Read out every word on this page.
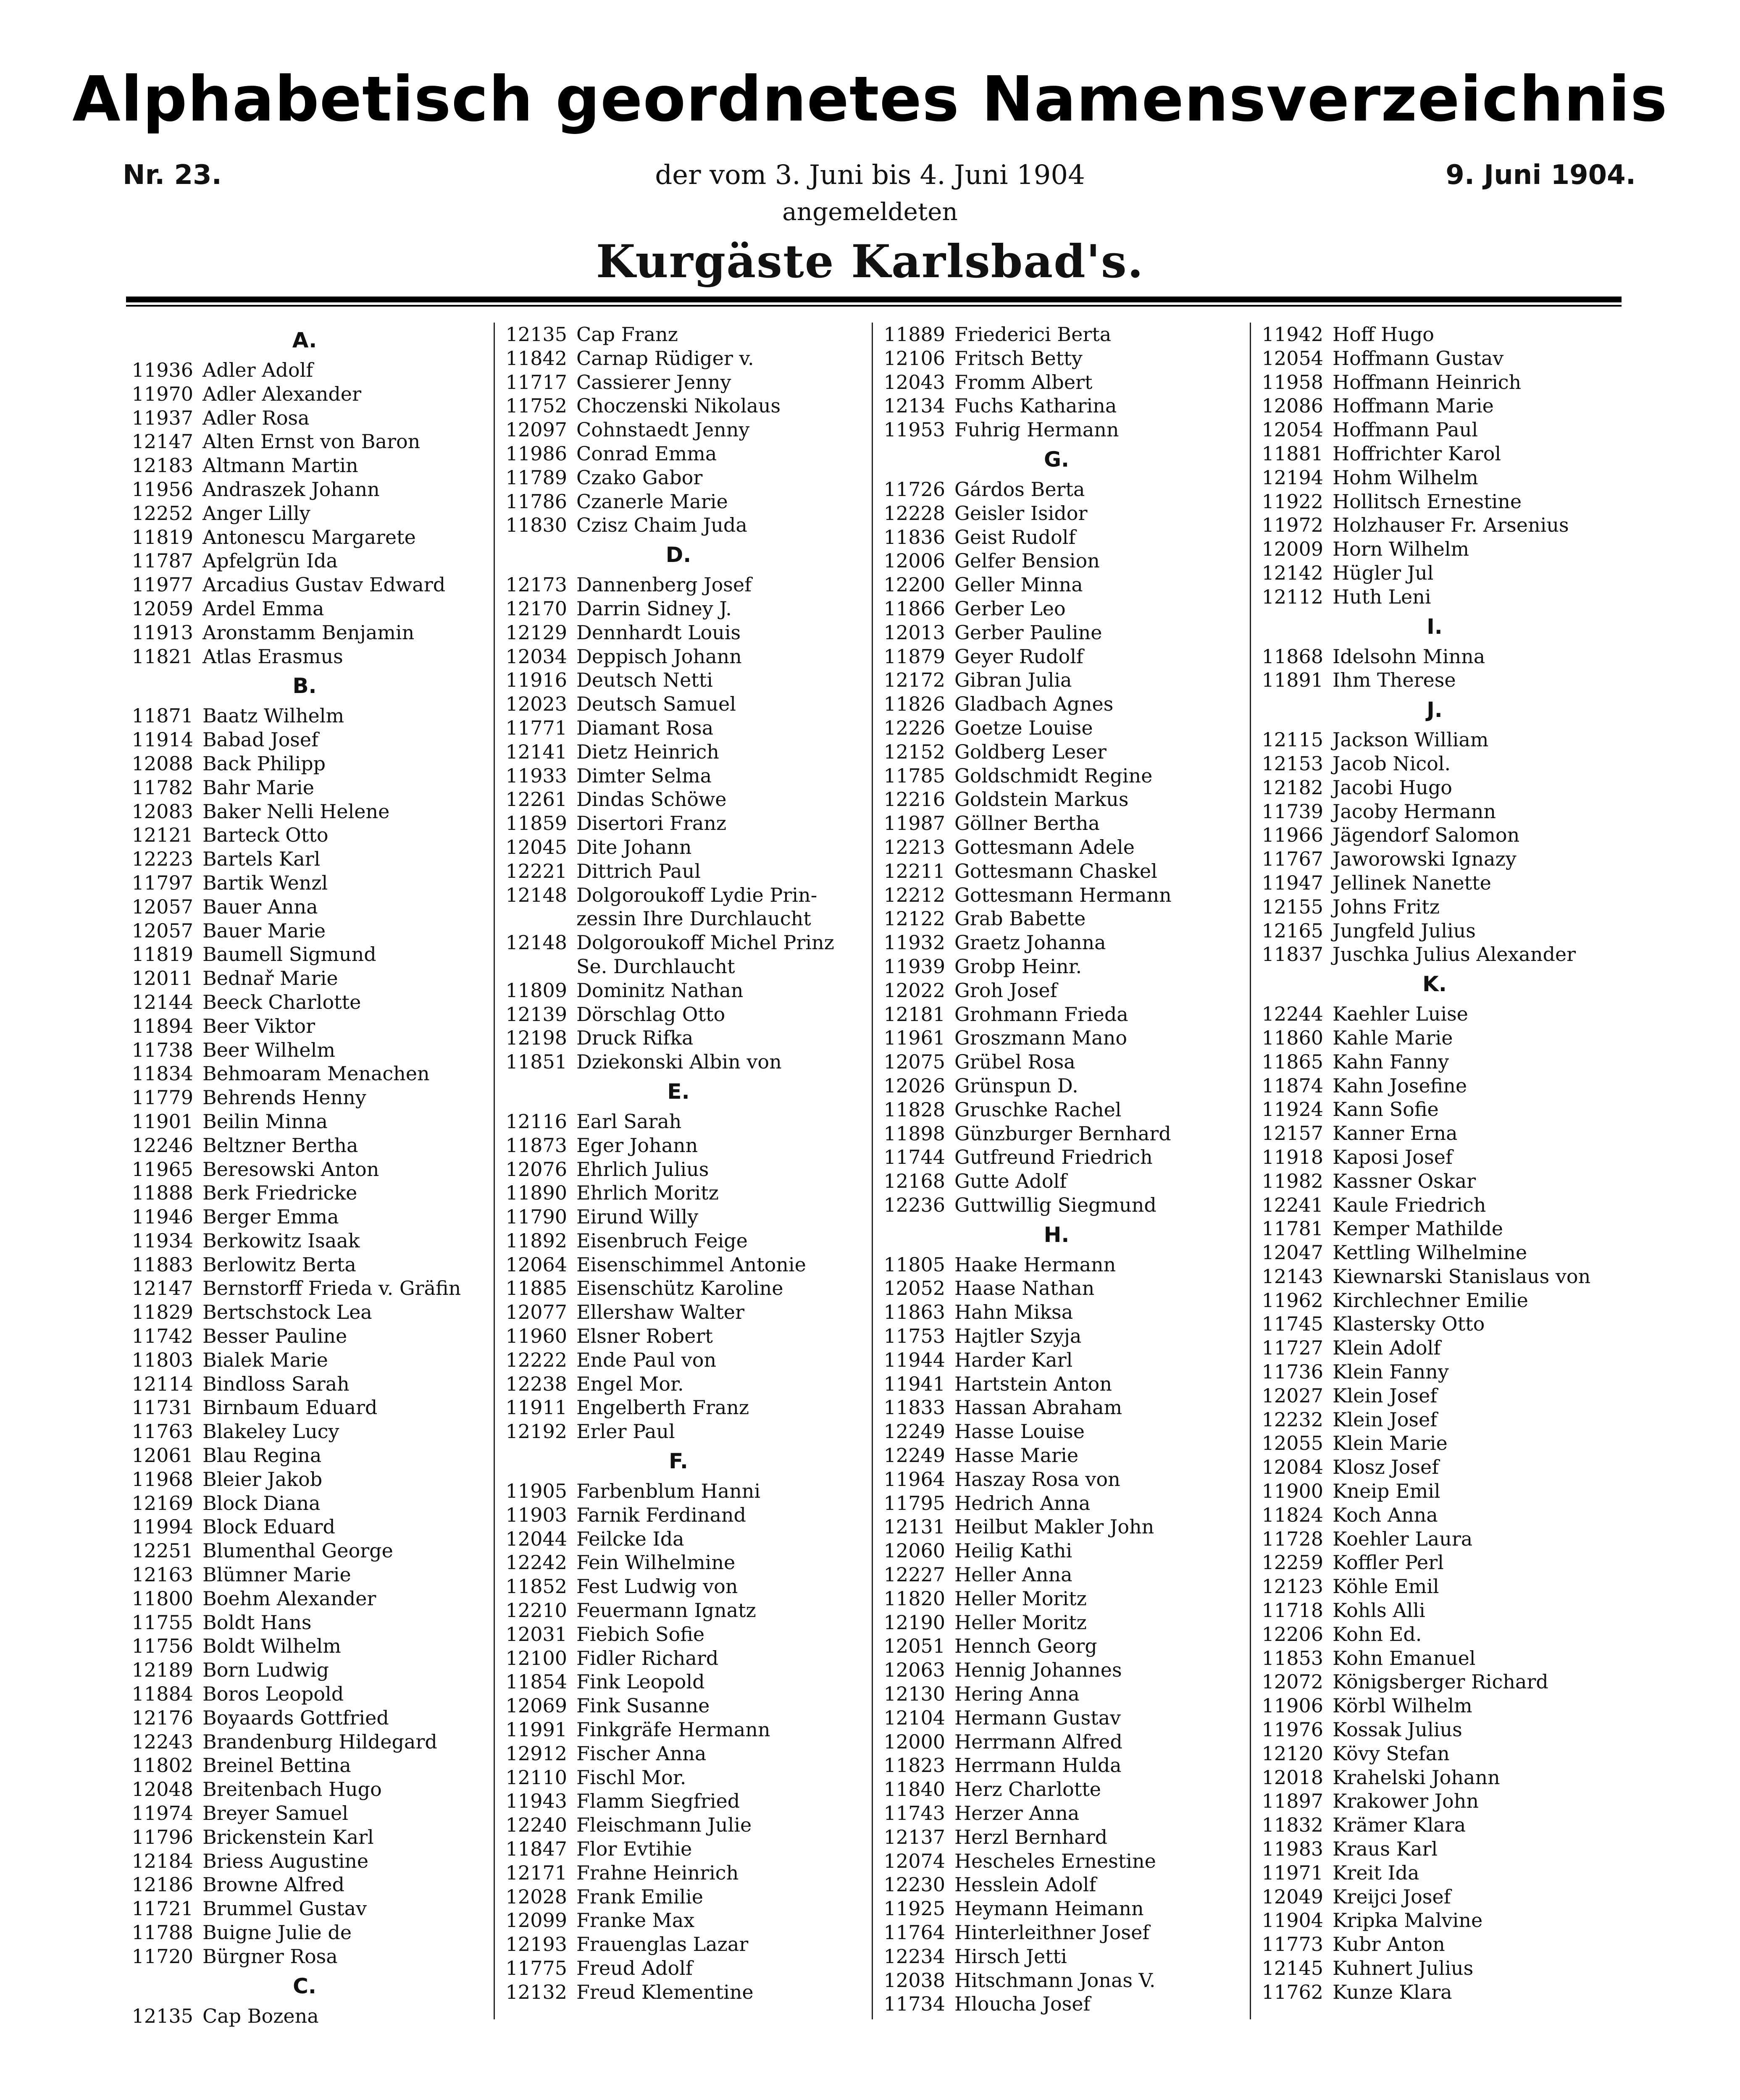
Alphabetisch geordnetes Namensverzeichnis
Nr. 23.	der vom 3. Juni bis 4. Juni 1904	9. Juni 1904.
angemeldeten
Kurgäste Karlsbad's.
A.
11936 Adler Adolf
11970 Adler Alexander
11937 Adler Rosa
12147 Alten Ernst von Baron
12183 Altmann Martin
11956 Andraszek Johann
12252 Anger Lilly
11819 Antonescu Margarete
11787 Apfelgrün Ida
11977 Arcadius Gustav Edward
12059 Ardel Emma
11913 Aronstamm Benjamin
11821 Atlas Erasmus
B.
11871 Baatz Wilhelm
11914 Babad Josef
12088 Back Philipp
11782 Bahr Marie
12083 Baker Nelli Helene
12121 Barteck Otto
12223 Bartels Karl
11797 Bartik Wenzl
12057 Bauer Anna
12057 Bauer Marie
11819 Baumell Sigmund
12011 Bednař Marie
12144 Beeck Charlotte
11894 Beer Viktor
11738 Beer Wilhelm
11834 Behmoaram Menachen
11779 Behrends Henny
11901 Beilin Minna
12246 Beltzner Bertha
11965 Beresowski Anton
11888 Berk Friedricke
11946 Berger Emma
11934 Berkowitz Isaak
11883 Berlowitz Berta
12147 Bernstorff Frieda v. Gräfin
11829 Bertschstock Lea
11742 Besser Pauline
11803 Bialek Marie
12114 Bindloss Sarah
11731 Birnbaum Eduard
11763 Blakeley Lucy
12061 Blau Regina
11968 Bleier Jakob
12169 Block Diana
11994 Block Eduard
12251 Blumenthal George
12163 Blümner Marie
11800 Boehm Alexander
11755 Boldt Hans
11756 Boldt Wilhelm
12189 Born Ludwig
11884 Boros Leopold
12176 Boyaards Gottfried
12243 Brandenburg Hildegard
11802 Breinel Bettina
12048 Breitenbach Hugo
11974 Breyer Samuel
11796 Brickenstein Karl
12184 Briess Augustine
12186 Browne Alfred
11721 Brummel Gustav
11788 Buigne Julie de
11720 Bürgner Rosa
C.
12135 Cap Bozena
12135 Cap Franz
11842 Carnap Rüdiger v.
11717 Cassierer Jenny
11752 Choczenski Nikolaus
12097 Cohnstaedt Jenny
11986 Conrad Emma
11789 Czako Gabor
11786 Czanerle Marie
11830 Czisz Chaim Juda
D.
12173 Dannenberg Josef
12170 Darrin Sidney J.
12129 Dennhardt Louis
12034 Deppisch Johann
11916 Deutsch Netti
12023 Deutsch Samuel
11771 Diamant Rosa
12141 Dietz Heinrich
11933 Dimter Selma
12261 Dindas Schöwe
11859 Disertori Franz
12045 Dite Johann
12221 Dittrich Paul
12148 Dolgoroukoff Lydie Prin-
zessin Ihre Durchlaucht
12148 Dolgoroukoff Michel Prinz
Se. Durchlaucht
11809 Dominitz Nathan
12139 Dörschlag Otto
12198 Druck Rifka
11851 Dziekonski Albin von
E.
12116 Earl Sarah
11873 Eger Johann
12076 Ehrlich Julius
11890 Ehrlich Moritz
11790 Eirund Willy
11892 Eisenbruch Feige
12064 Eisenschimmel Antonie
11885 Eisenschütz Karoline
12077 Ellershaw Walter
11960 Elsner Robert
12222 Ende Paul von
12238 Engel Mor.
11911 Engelberth Franz
12192 Erler Paul
F.
11905 Farbenblum Hanni
11903 Farnik Ferdinand
12044 Feilcke Ida
12242 Fein Wilhelmine
11852 Fest Ludwig von
12210 Feuermann Ignatz
12031 Fiebich Sofie
12100 Fidler Richard
11854 Fink Leopold
12069 Fink Susanne
11991 Finkgräfe Hermann
12912 Fischer Anna
12110 Fischl Mor.
11943 Flamm Siegfried
12240 Fleischmann Julie
11847 Flor Evtihie
12171 Frahne Heinrich
12028 Frank Emilie
12099 Franke Max
12193 Frauenglas Lazar
11775 Freud Adolf
12132 Freud Klementine
11889 Friederici Berta
12106 Fritsch Betty
12043 Fromm Albert
12134 Fuchs Katharina
11953 Fuhrig Hermann
G.
11726 Gárdos Berta
12228 Geisler Isidor
11836 Geist Rudolf
12006 Gelfer Bension
12200 Geller Minna
11866 Gerber Leo
12013 Gerber Pauline
11879 Geyer Rudolf
12172 Gibran Julia
11826 Gladbach Agnes
12226 Goetze Louise
12152 Goldberg Leser
11785 Goldschmidt Regine
12216 Goldstein Markus
11987 Göllner Bertha
12213 Gottesmann Adele
12211 Gottesmann Chaskel
12212 Gottesmann Hermann
12122 Grab Babette
11932 Graetz Johanna
11939 Grobp Heinr.
12022 Groh Josef
12181 Grohmann Frieda
11961 Groszmann Mano
12075 Grübel Rosa
12026 Grünspun D.
11828 Gruschke Rachel
11898 Günzburger Bernhard
11744 Gutfreund Friedrich
12168 Gutte Adolf
12236 Guttwillig Siegmund
H.
11805 Haake Hermann
12052 Haase Nathan
11863 Hahn Miksa
11753 Hajtler Szyja
11944 Harder Karl
11941 Hartstein Anton
11833 Hassan Abraham
12249 Hasse Louise
12249 Hasse Marie
11964 Haszay Rosa von
11795 Hedrich Anna
12131 Heilbut Makler John
12060 Heilig Kathi
12227 Heller Anna
11820 Heller Moritz
12190 Heller Moritz
12051 Hennch Georg
12063 Hennig Johannes
12130 Hering Anna
12104 Hermann Gustav
12000 Herrmann Alfred
11823 Herrmann Hulda
11840 Herz Charlotte
11743 Herzer Anna
12137 Herzl Bernhard
12074 Hescheles Ernestine
12230 Hesslein Adolf
11925 Heymann Heimann
11764 Hinterleithner Josef
12234 Hirsch Jetti
12038 Hitschmann Jonas V.
11734 Hloucha Josef
11942 Hoff Hugo
12054 Hoffmann Gustav
11958 Hoffmann Heinrich
12086 Hoffmann Marie
12054 Hoffmann Paul
11881 Hoffrichter Karol
12194 Hohm Wilhelm
11922 Hollitsch Ernestine
11972 Holzhauser Fr. Arsenius
12009 Horn Wilhelm
12142 Hügler Jul
12112 Huth Leni
I.
11868 Idelsohn Minna
11891 Ihm Therese
J.
12115 Jackson William
12153 Jacob Nicol.
12182 Jacobi Hugo
11739 Jacoby Hermann
11966 Jägendorf Salomon
11767 Jaworowski Ignazy
11947 Jellinek Nanette
12155 Johns Fritz
12165 Jungfeld Julius
11837 Juschka Julius Alexander
K.
12244 Kaehler Luise
11860 Kahle Marie
11865 Kahn Fanny
11874 Kahn Josefine
11924 Kann Sofie
12157 Kanner Erna
11918 Kaposi Josef
11982 Kassner Oskar
12241 Kaule Friedrich
11781 Kemper Mathilde
12047 Kettling Wilhelmine
12143 Kiewnarski Stanislaus von
11962 Kirchlechner Emilie
11745 Klastersky Otto
11727 Klein Adolf
11736 Klein Fanny
12027 Klein Josef
12232 Klein Josef
12055 Klein Marie
12084 Klosz Josef
11900 Kneip Emil
11824 Koch Anna
11728 Koehler Laura
12259 Koffler Perl
12123 Köhle Emil
11718 Kohls Alli
12206 Kohn Ed.
11853 Kohn Emanuel
12072 Königsberger Richard
11906 Körbl Wilhelm
11976 Kossak Julius
12120 Kövy Stefan
12018 Krahelski Johann
11897 Krakower John
11832 Krämer Klara
11983 Kraus Karl
11971 Kreit Ida
12049 Kreijci Josef
11904 Kripka Malvine
11773 Kubr Anton
12145 Kuhnert Julius
11762 Kunze Klara
